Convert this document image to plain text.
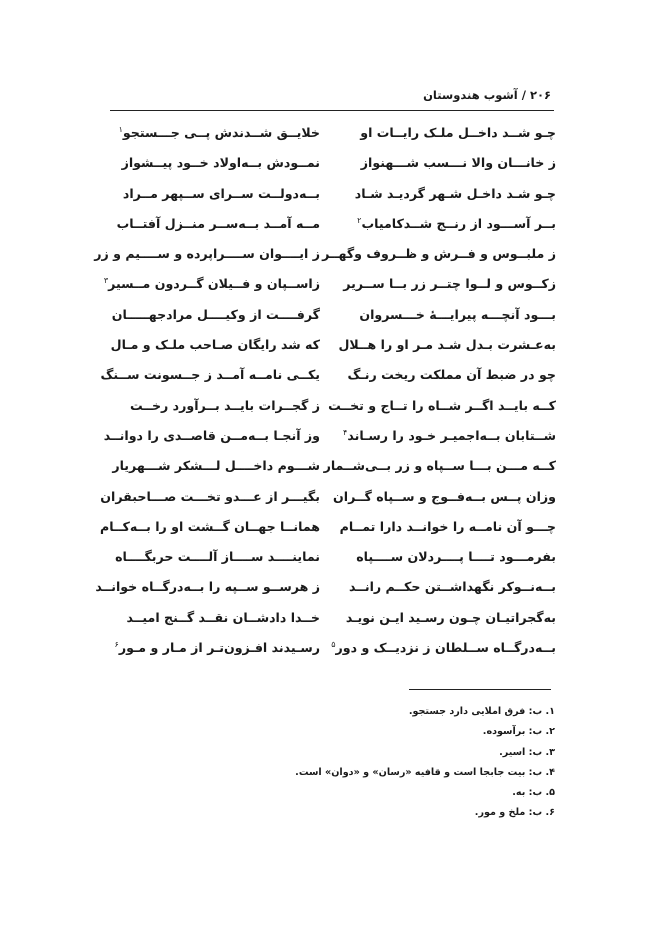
۲۰۶ / آشوب هندوستان
چـو شــد داخــل ملـک رایــات او
خلایــق شــدندش پــی جـــستجو$^۱$
ز خانـــان والا نـــسب شـــهنواز
نمــودش بــه‌اولاد خــود پیــشواز
چـو شـد داخـل شـهر گردیـد شـاد
بــه‌دولــت ســرای ســپهر مــراد
بــر آســـود از رنــج شــدکامیاب$^۲$
مــه آمــد بــه‌ســر منــزل آفتــاب
ز ملبــوس و فــرش و ظــروف وگهــر
ز ایــــوان ســــراپرده و ســــیم و زر
زکــوس و لــوا چتــر زر بــا ســریر
زاســپان و فــیلان گــردون مــسیر$^۳$
بـــود آنچـــه پیرایـــهٔ خـــسروان
گرفــــت از وکیــــل مرادجهـــــان
به‌عـشرت بـدل شـد مـر او را هــلال
که شد رایگان صـاحب ملـک و مـال
چو در ضبط آن مملکت ریخت رنـگ
یکــی نامــه آمــد ز جــسونت ســنگ
کــه بایــد اگــر شــاه را تــاج و تخــت
ز گجــرات بایــد بــرآورد رخــت
شــتابان بــه‌اجمیـر خـود را رسـاند$^۴$
وز آنجـا بــه‌مــن قاصــدی را دوانــد
کــه مـــن بـــا ســپاه و زر بــی‌شــمار
شـــوم داخــــل لـــشکر شـــهریار
وزان پــس بــه‌فــوج و ســپاه گــران
بگیـــر از عـــدو تخـــت صـــاحبقران
چـــو آن نامــه را خوانــد دارا تمــام
همانــا جهــان گــشت او را بــه‌کــام
بفرمـــود تــــا پــــردلان ســــپاه
نماینــــد ســــاز آلــــت حربگــــاه
بــه‌نــوکر نگهداشــتن حکــم رانــد
ز هرســو ســپه را بــه‌درگــاه خوانــد
به‌گجراتیـان چـون رسـید ایـن نویـد
خــدا دادشــان نقــد گــنج امیــد
بــه‌درگــاه ســلطان ز نزدیــک و دور$^۵$
رسـیدند افـزون‌تـر از مـار و مـور$^۶$
۱. ب: فرق املایی دارد جستجو.
۲. ب: برآسوده.
۳. ب: اسیر.
۴. ب: بیت جابجا است و قافیه «رسان» و «دوان» است.
۵. ب: به.
۶. ب: ملخ و مور.
